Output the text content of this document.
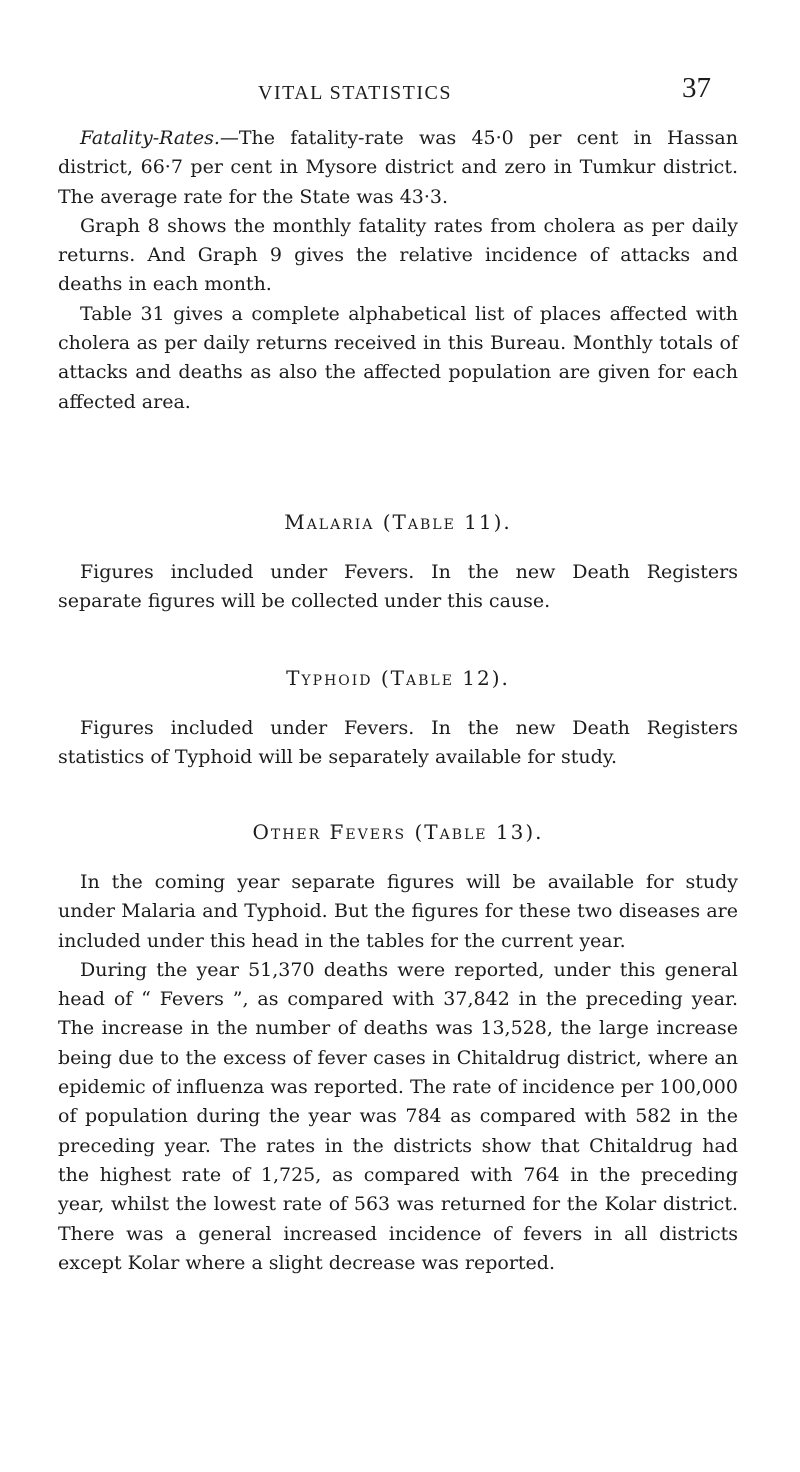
VITAL STATISTICS	37

Fatality-Rates.—The fatality-rate was 45·0 per cent in Hassan district, 66·7 per cent in Mysore district and zero in Tumkur district. The average rate for the State was 43·3.

Graph 8 shows the monthly fatality rates from cholera as per daily returns. And Graph 9 gives the relative incidence of attacks and deaths in each month.

Table 31 gives a complete alphabetical list of places affected with cholera as per daily returns received in this Bureau. Monthly totals of attacks and deaths as also the affected population are given for each affected area.

Malaria (Table 11).

Figures included under Fevers. In the new Death Registers separate figures will be collected under this cause.

Typhoid (Table 12).

Figures included under Fevers. In the new Death Registers statistics of Typhoid will be separately available for study.

Other Fevers (Table 13).

In the coming year separate figures will be available for study under Malaria and Typhoid. But the figures for these two diseases are included under this head in the tables for the current year.

During the year 51,370 deaths were reported, under this general head of “ Fevers ”, as compared with 37,842 in the preceding year. The increase in the number of deaths was 13,528, the large increase being due to the excess of fever cases in Chitaldrug district, where an epidemic of influenza was reported. The rate of incidence per 100,000 of population during the year was 784 as compared with 582 in the preceding year. The rates in the districts show that Chitaldrug had the highest rate of 1,725, as compared with 764 in the preceding year, whilst the lowest rate of 563 was returned for the Kolar district. There was a general increased incidence of fevers in all districts except Kolar where a slight decrease was reported.
